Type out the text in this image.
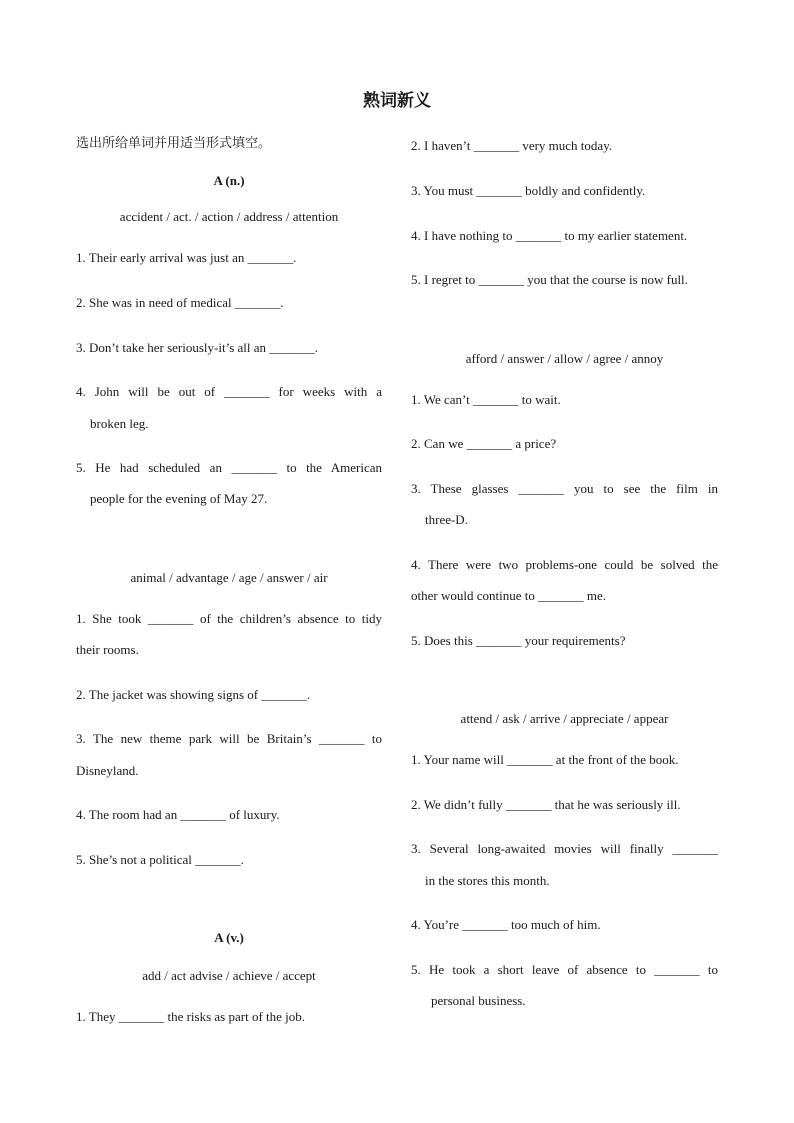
熟词新义
选出所给单词并用适当形式填空。
A (n.)
accident / act. / action / address / attention
1. Their early arrival was just an _______.
2. She was in need of medical _______.
3. Don’t take her seriously-it’s all an _______.
4. John will be out of _______ for weeks with a
broken leg.
5. He had scheduled an _______ to the American
people for the evening of May 27.
animal / advantage / age / answer / air
1. She took _______ of the children’s absence to tidy
their rooms.
2. The jacket was showing signs of _______.
3. The new theme park will be Britain’s _______ to
Disneyland.
4. The room had an _______ of luxury.
5. She’s not a political _______.
A (v.)
add / act advise / achieve / accept
1. They _______ the risks as part of the job.
2. I haven’t _______ very much today.
3. You must _______ boldly and confidently.
4. I have nothing to _______ to my earlier statement.
5. I regret to _______ you that the course is now full.
afford / answer / allow / agree / annoy
1. We can’t _______ to wait.
2. Can we _______ a price?
3. These glasses _______ you to see the film in
three-D.
4. There were two problems-one could be solved the
other would continue to _______ me.
5. Does this _______ your requirements?
attend / ask / arrive / appreciate / appear
1. Your name will _______ at the front of the book.
2. We didn’t fully _______ that he was seriously ill.
3. Several long-awaited movies will finally _______
in the stores this month.
4. You’re _______ too much of him.
5. He took a short leave of absence to _______ to
personal business.
